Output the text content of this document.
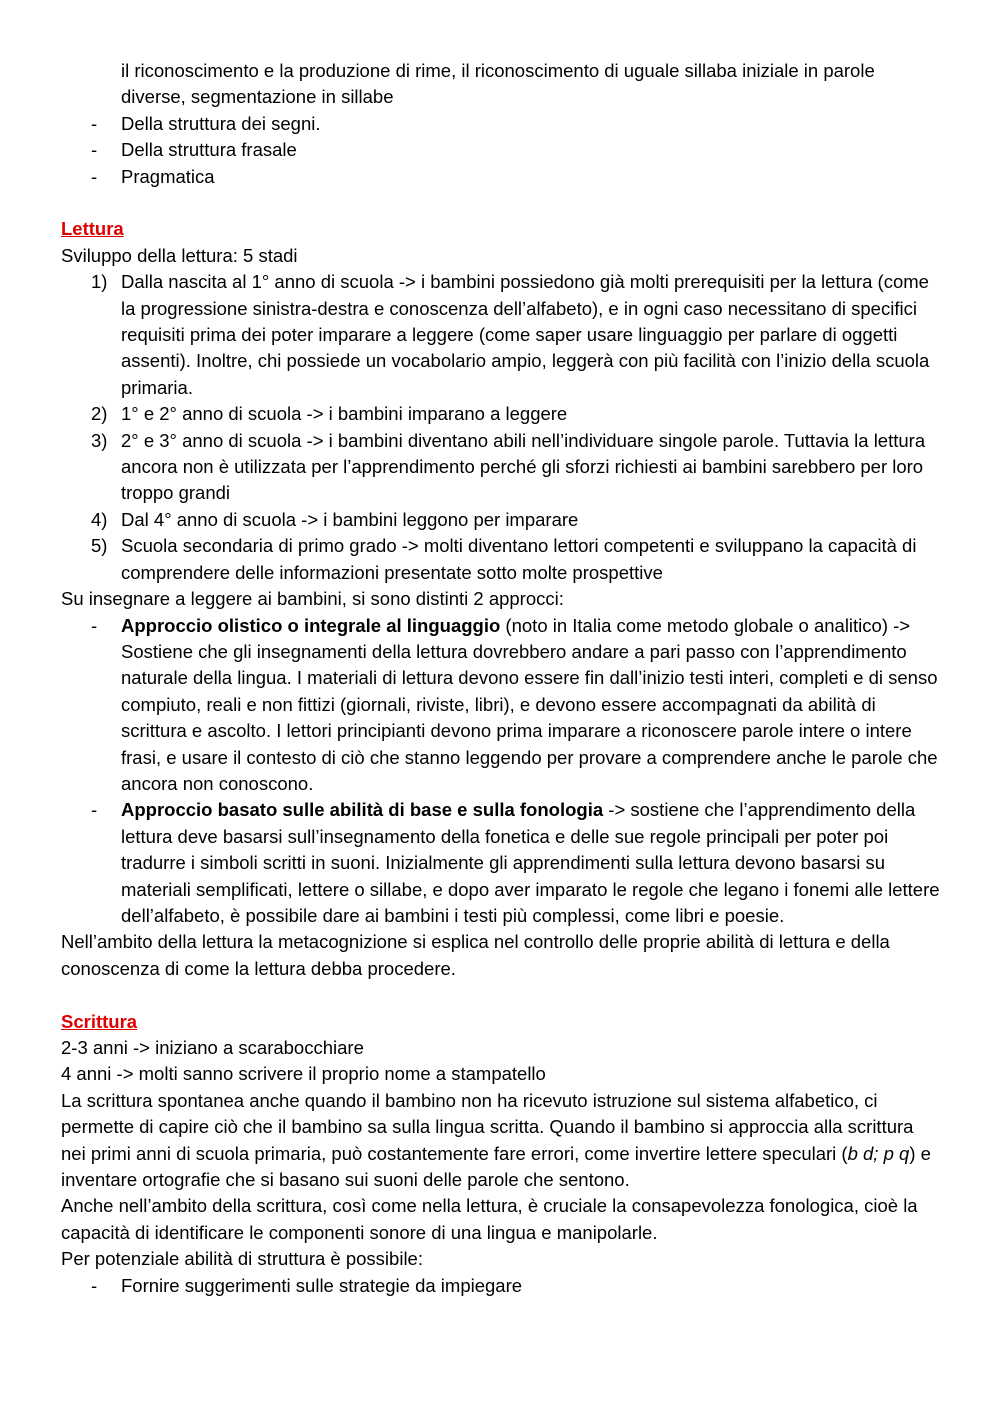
il riconoscimento e la produzione di rime, il riconoscimento di uguale sillaba iniziale in parole diverse, segmentazione in sillabe
- Della struttura dei segni.
- Della struttura frasale
- Pragmatica
Lettura
Sviluppo della lettura: 5 stadi
1) Dalla nascita al 1° anno di scuola -> i bambini possiedono già molti prerequisiti per la lettura (come la progressione sinistra-destra e conoscenza dell’alfabeto), e in ogni caso necessitano di specifici requisiti prima dei poter imparare a leggere (come saper usare linguaggio per parlare di oggetti assenti). Inoltre, chi possiede un vocabolario ampio, leggerà con più facilità con l’inizio della scuola primaria.
2) 1° e 2° anno di scuola -> i bambini imparano a leggere
3) 2° e 3° anno di scuola -> i bambini diventano abili nell’individuare singole parole. Tuttavia la lettura ancora non è utilizzata per l’apprendimento perché gli sforzi richiesti ai bambini sarebbero per loro troppo grandi
4) Dal 4° anno di scuola -> i bambini leggono per imparare
5) Scuola secondaria di primo grado -> molti diventano lettori competenti e sviluppano la capacità di comprendere delle informazioni presentate sotto molte prospettive
Su insegnare a leggere ai bambini, si sono distinti 2 approcci:
- Approccio olistico o integrale al linguaggio (noto in Italia come metodo globale o analitico) -> Sostiene che gli insegnamenti della lettura dovrebbero andare a pari passo con l’apprendimento naturale della lingua. I materiali di lettura devono essere fin dall’inizio testi interi, completi e di senso compiuto, reali e non fittizi (giornali, riviste, libri), e devono essere accompagnati da abilità di scrittura e ascolto. I lettori principianti devono prima imparare a riconoscere parole intere o intere frasi, e usare il contesto di ciò che stanno leggendo per provare a comprendere anche le parole che ancora non conoscono.
- Approccio basato sulle abilità di base e sulla fonologia -> sostiene che l’apprendimento della lettura deve basarsi sull’insegnamento della fonetica e delle sue regole principali per poter poi tradurre i simboli scritti in suoni. Inizialmente gli apprendimenti sulla lettura devono basarsi su materiali semplificati, lettere o sillabe, e dopo aver imparato le regole che legano i fonemi alle lettere dell’alfabeto, è possibile dare ai bambini i testi più complessi, come libri e poesie.
Nell’ambito della lettura la metacognizione si esplica nel controllo delle proprie abilità di lettura e della conoscenza di come la lettura debba procedere.
Scrittura
2-3 anni -> iniziano a scarabocchiare
4 anni -> molti sanno scrivere il proprio nome a stampatello
La scrittura spontanea anche quando il bambino non ha ricevuto istruzione sul sistema alfabetico, ci permette di capire ciò che il bambino sa sulla lingua scritta. Quando il bambino si approccia alla scrittura nei primi anni di scuola primaria, può costantemente fare errori, come invertire lettere speculari (b d; p q) e inventare ortografie che si basano sui suoni delle parole che sentono.
Anche nell’ambito della scrittura, così come nella lettura, è cruciale la consapevolezza fonologica, cioè la capacità di identificare le componenti sonore di una lingua e manipolarle.
Per potenziale abilità di struttura è possibile:
- Fornire suggerimenti sulle strategie da impiegare
